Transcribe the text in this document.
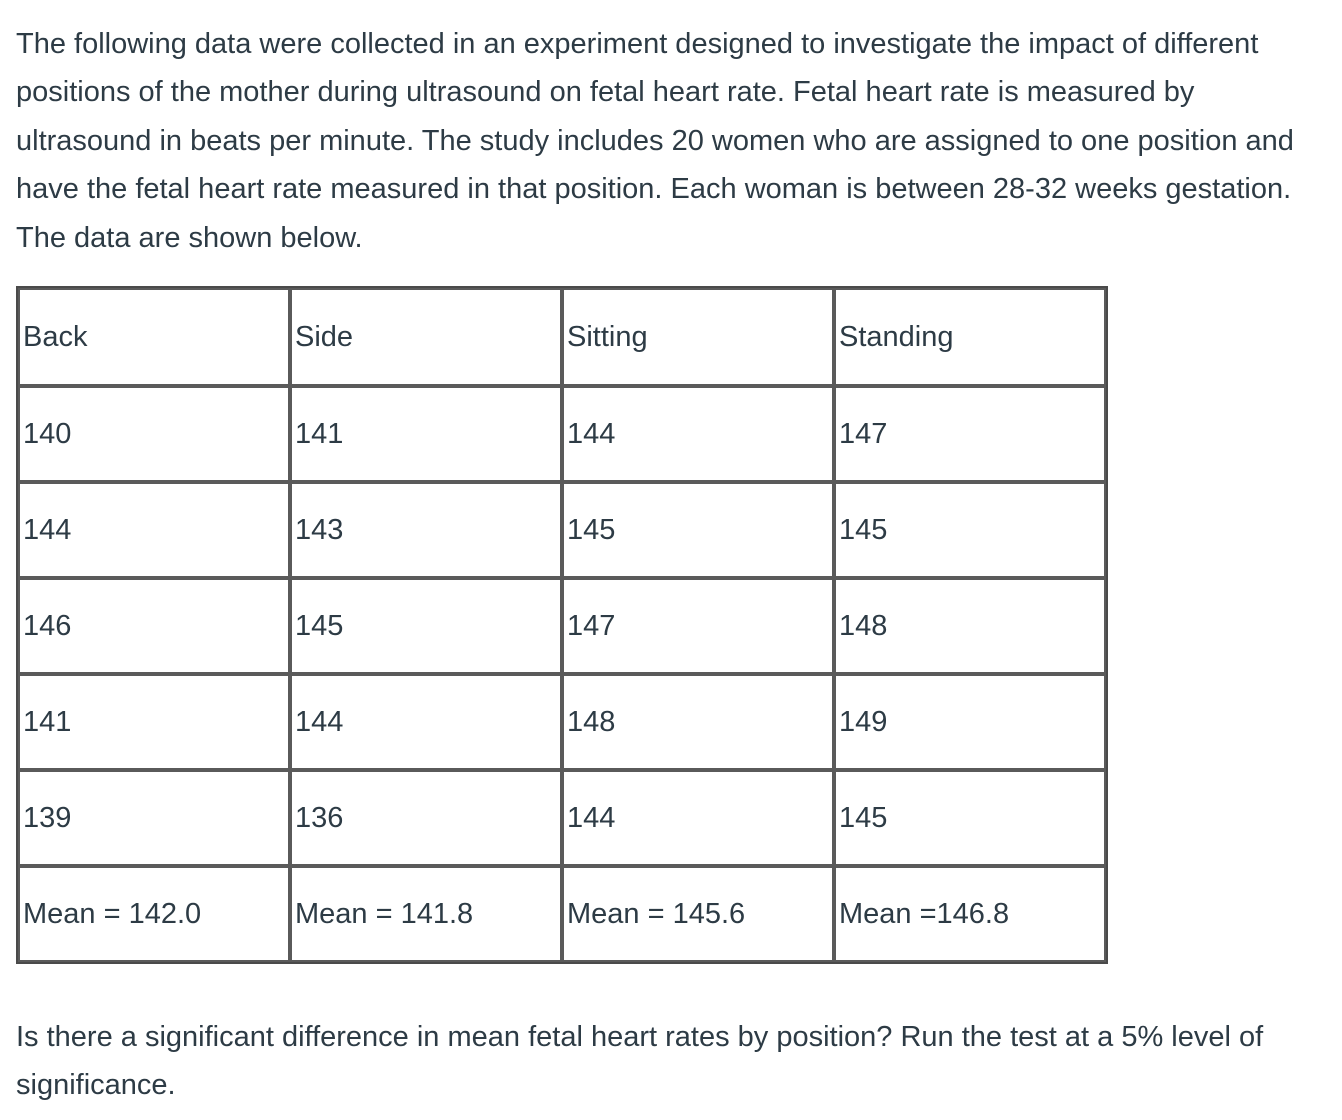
The following data were collected in an experiment designed to investigate the impact of different positions of the mother during ultrasound on fetal heart rate. Fetal heart rate is measured by ultrasound in beats per minute. The study includes 20 women who are assigned to one position and have the fetal heart rate measured in that position. Each woman is between 28-32 weeks gestation. The data are shown below.

Back	Side	Sitting	Standing
140	141	144	147
144	143	145	145
146	145	147	148
141	144	148	149
139	136	144	145
Mean = 142.0	Mean = 141.8	Mean = 145.6	Mean =146.8

Is there a significant difference in mean fetal heart rates by position? Run the test at a 5% level of significance.
